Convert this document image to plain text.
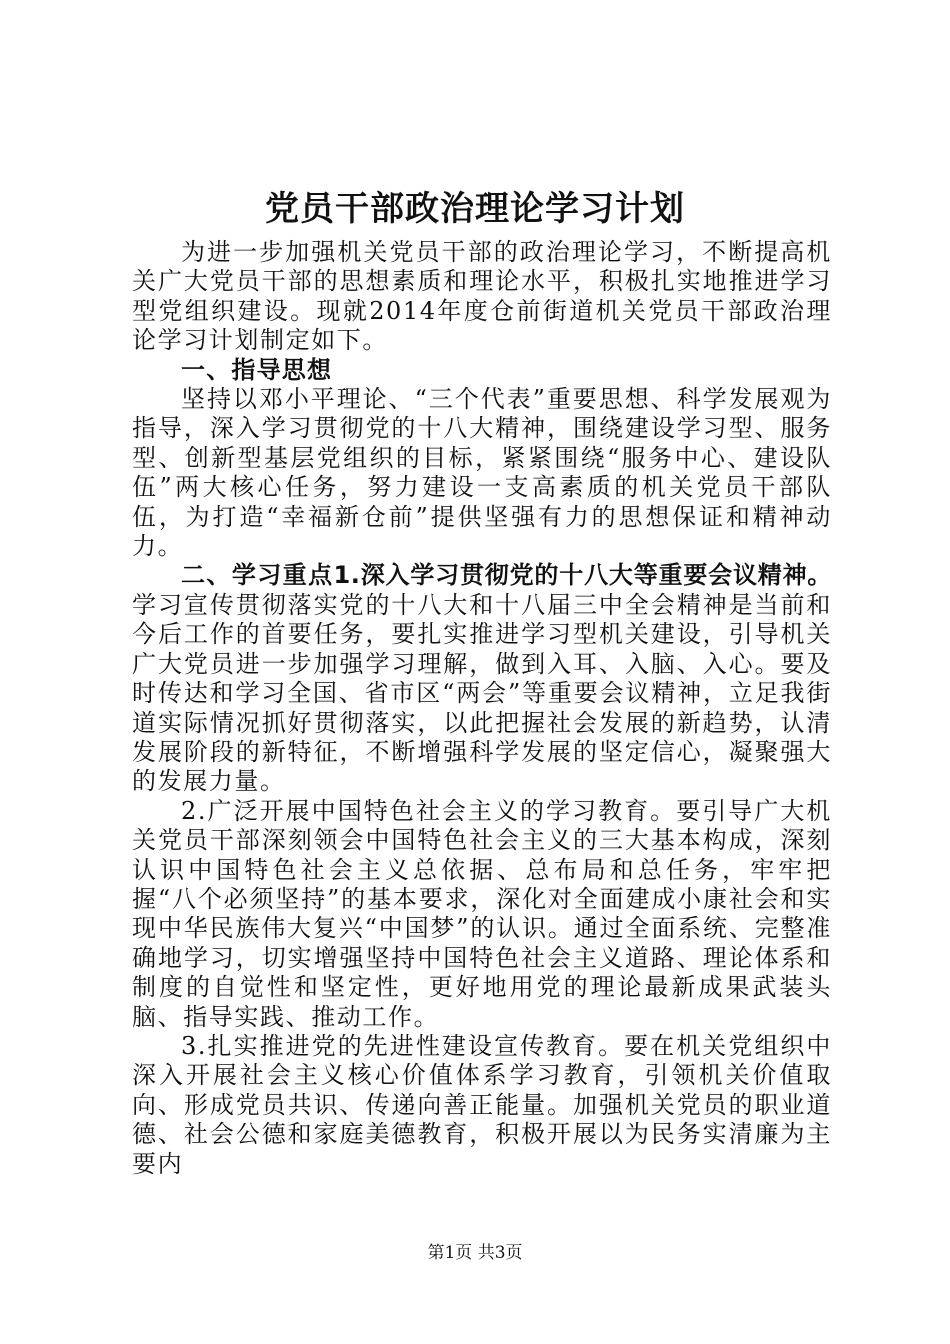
党员干部政治理论学习计划

为进一步加强机关党员干部的政治理论学习，不断提高机关广大党员干部的思想素质和理论水平，积极扎实地推进学习型党组织建设。现就2014年度仓前街道机关党员干部政治理论学习计划制定如下。

一、指导思想

坚持以邓小平理论、“三个代表”重要思想、科学发展观为指导，深入学习贯彻党的十八大精神，围绕建设学习型、服务型、创新型基层党组织的目标，紧紧围绕“服务中心、建设队伍”两大核心任务，努力建设一支高素质的机关党员干部队伍，为打造“幸福新仓前”提供坚强有力的思想保证和精神动力。

二、学习重点1.深入学习贯彻党的十八大等重要会议精神。学习宣传贯彻落实党的十八大和十八届三中全会精神是当前和今后工作的首要任务，要扎实推进学习型机关建设，引导机关广大党员进一步加强学习理解，做到入耳、入脑、入心。要及时传达和学习全国、省市区“两会”等重要会议精神，立足我街道实际情况抓好贯彻落实，以此把握社会发展的新趋势，认清发展阶段的新特征，不断增强科学发展的坚定信心，凝聚强大的发展力量。

2.广泛开展中国特色社会主义的学习教育。要引导广大机关党员干部深刻领会中国特色社会主义的三大基本构成，深刻认识中国特色社会主义总依据、总布局和总任务，牢牢把握“八个必须坚持”的基本要求，深化对全面建成小康社会和实现中华民族伟大复兴“中国梦”的认识。通过全面系统、完整准确地学习，切实增强坚持中国特色社会主义道路、理论体系和制度的自觉性和坚定性，更好地用党的理论最新成果武装头脑、指导实践、推动工作。

3.扎实推进党的先进性建设宣传教育。要在机关党组织中深入开展社会主义核心价值体系学习教育，引领机关价值取向、形成党员共识、传递向善正能量。加强机关党员的职业道德、社会公德和家庭美德教育，积极开展以为民务实清廉为主要内

第1页 共3页
